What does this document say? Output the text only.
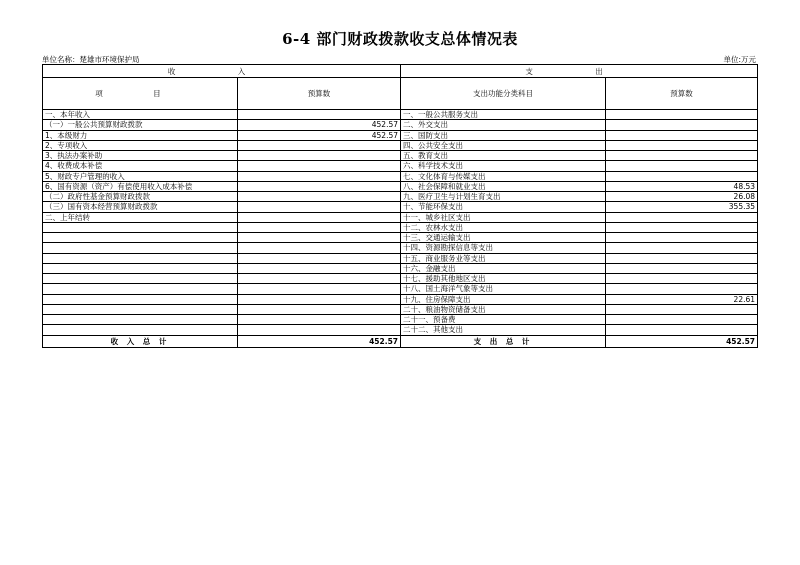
6-4 部门财政拨款收支总体情况表
单位名称：楚雄市环境保护局	单位:万元
收 入		支 出	
项 目	预算数	支出功能分类科目	预算数
一、本年收入		一、一般公共服务支出	
（一）一般公共预算财政拨款	452.57	二、外交支出	
1、本级财力	452.57	三、国防支出	
2、专项收入		四、公共安全支出	
3、执法办案补助		五、教育支出	
4、收费成本补偿		六、科学技术支出	
5、财政专户管理的收入		七、文化体育与传媒支出	
6、国有资源（资产）有偿使用收入成本补偿		八、社会保障和就业支出	48.53
（二）政府性基金预算财政拨款		九、医疗卫生与计划生育支出	26.08
（三）国有资本经营预算财政拨款		十、节能环保支出	355.35
二、上年结转		十一、城乡社区支出	
		十二、农林水支出	
		十三、交通运输支出	
		十四、资源勘探信息等支出	
		十五、商业服务业等支出	
		十六、金融支出	
		十七、援助其他地区支出	
		十八、国土海洋气象等支出	
		十九、住房保障支出	22.61
		二十、粮油物资储备支出	
		二十一、预备费	
		二十二、其他支出	
收 入 总 计	452.57	支 出 总 计	452.57
